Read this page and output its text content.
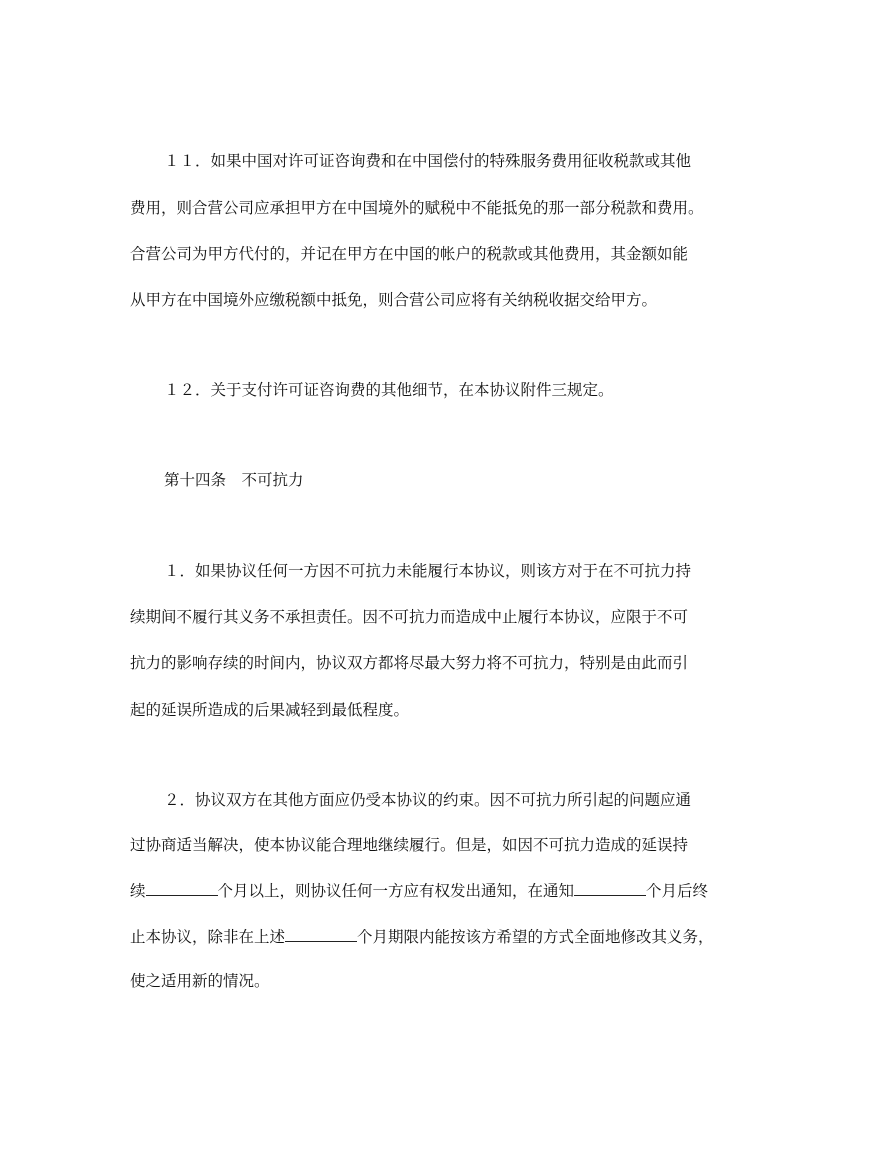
１１．如果中国对许可证咨询费和在中国偿付的特殊服务费用征收税款或其他
费用，则合营公司应承担甲方在中国境外的赋税中不能抵免的那一部分税款和费用。
合营公司为甲方代付的，并记在甲方在中国的帐户的税款或其他费用，其金额如能
从甲方在中国境外应缴税额中抵免，则合营公司应将有关纳税收据交给甲方。
１２．关于支付许可证咨询费的其他细节，在本协议附件三规定。
第十四条　不可抗力
１．如果协议任何一方因不可抗力未能履行本协议，则该方对于在不可抗力持
续期间不履行其义务不承担责任。因不可抗力而造成中止履行本协议，应限于不可
抗力的影响存续的时间内，协议双方都将尽最大努力将不可抗力，特别是由此而引
起的延误所造成的后果减轻到最低程度。
２．协议双方在其他方面应仍受本协议的约束。因不可抗力所引起的问题应通
过协商适当解决，使本协议能合理地继续履行。但是，如因不可抗力造成的延误持
续	个月以上，则协议任何一方应有权发出通知，在通知	个月后终
止本协议，除非在上述	个月期限内能按该方希望的方式全面地修改其义务，
使之适用新的情况。
